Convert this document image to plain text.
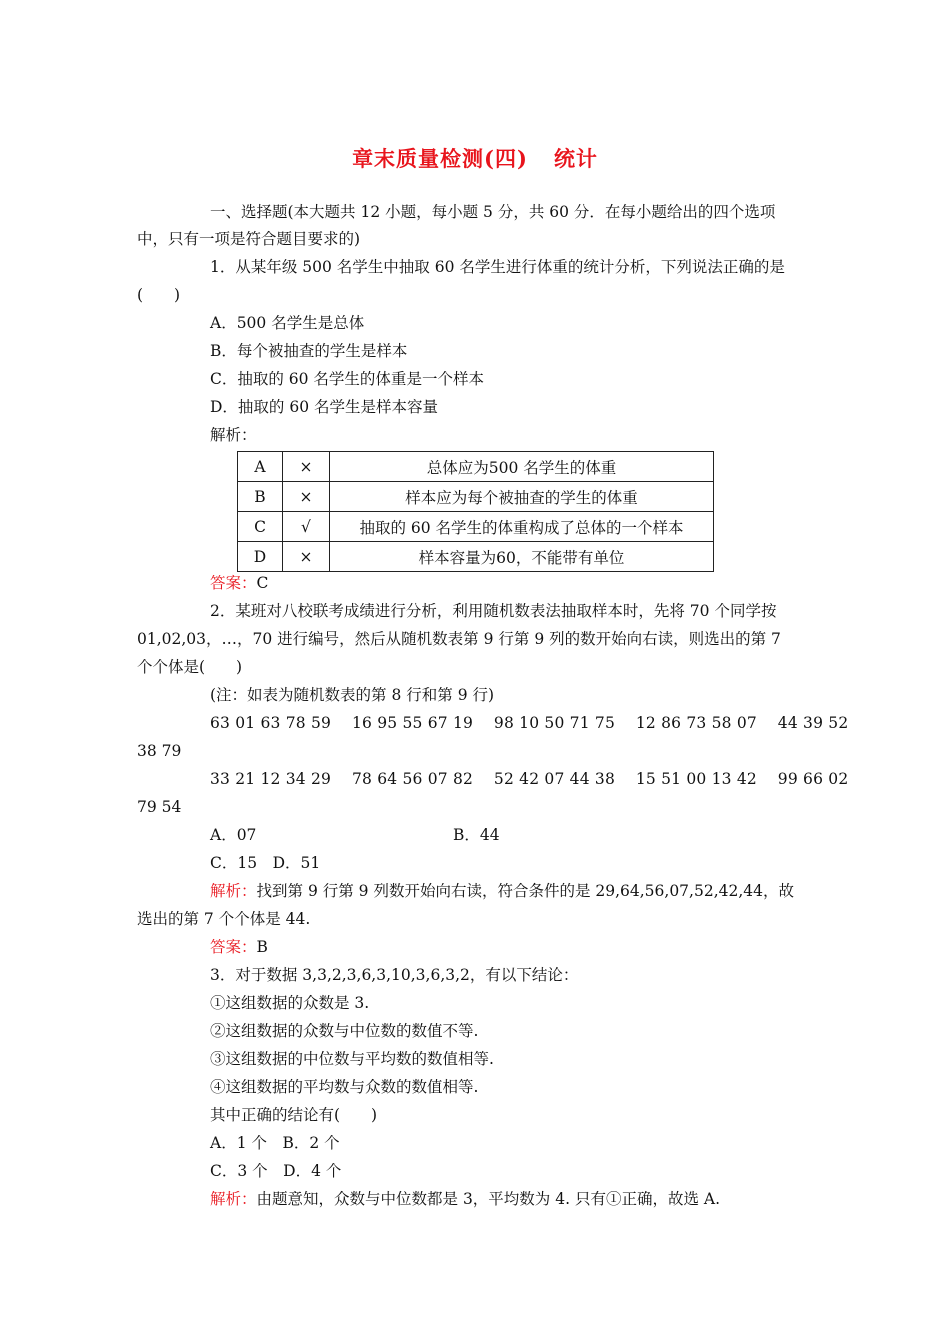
章末质量检测(四) 统计
一、选择题(本大题共 12 小题，每小题 5 分，共 60 分．在每小题给出的四个选项
中，只有一项是符合题目要求的)
1．从某年级 500 名学生中抽取 60 名学生进行体重的统计分析，下列说法正确的是
(　　)
A．500 名学生是总体
B．每个被抽查的学生是样本
C．抽取的 60 名学生的体重是一个样本
D．抽取的 60 名学生是样本容量
解析：
A	×	总体应为500 名学生的体重
B	×	样本应为每个被抽查的学生的体重
C	√	抽取的 60 名学生的体重构成了总体的一个样本
D	×	样本容量为60，不能带有单位
答案：C
2．某班对八校联考成绩进行分析，利用随机数表法抽取样本时，先将 70 个同学按
01,02,03，…，70 进行编号，然后从随机数表第 9 行第 9 列的数开始向右读，则选出的第 7
个个体是(　　)
(注：如表为随机数表的第 8 行和第 9 行)
63 01 63 78 59　 16 95 55 67 19　 98 10 50 71 75　 12 86 73 58 07　 44 39 52
38 79
33 21 12 34 29　 78 64 56 07 82　 52 42 07 44 38　 15 51 00 13 42　 99 66 02
79 54
A．07	B．44
C．15　D．51
解析：找到第 9 行第 9 列数开始向右读，符合条件的是 29,64,56,07,52,42,44，故
选出的第 7 个个体是 44.
答案：B
3．对于数据 3,3,2,3,6,3,10,3,6,3,2，有以下结论：
①这组数据的众数是 3.
②这组数据的众数与中位数的数值不等.
③这组数据的中位数与平均数的数值相等.
④这组数据的平均数与众数的数值相等.
其中正确的结论有(　　)
A．1 个　B．2 个
C．3 个　D．4 个
解析：由题意知，众数与中位数都是 3，平均数为 4. 只有①正确，故选 A.
